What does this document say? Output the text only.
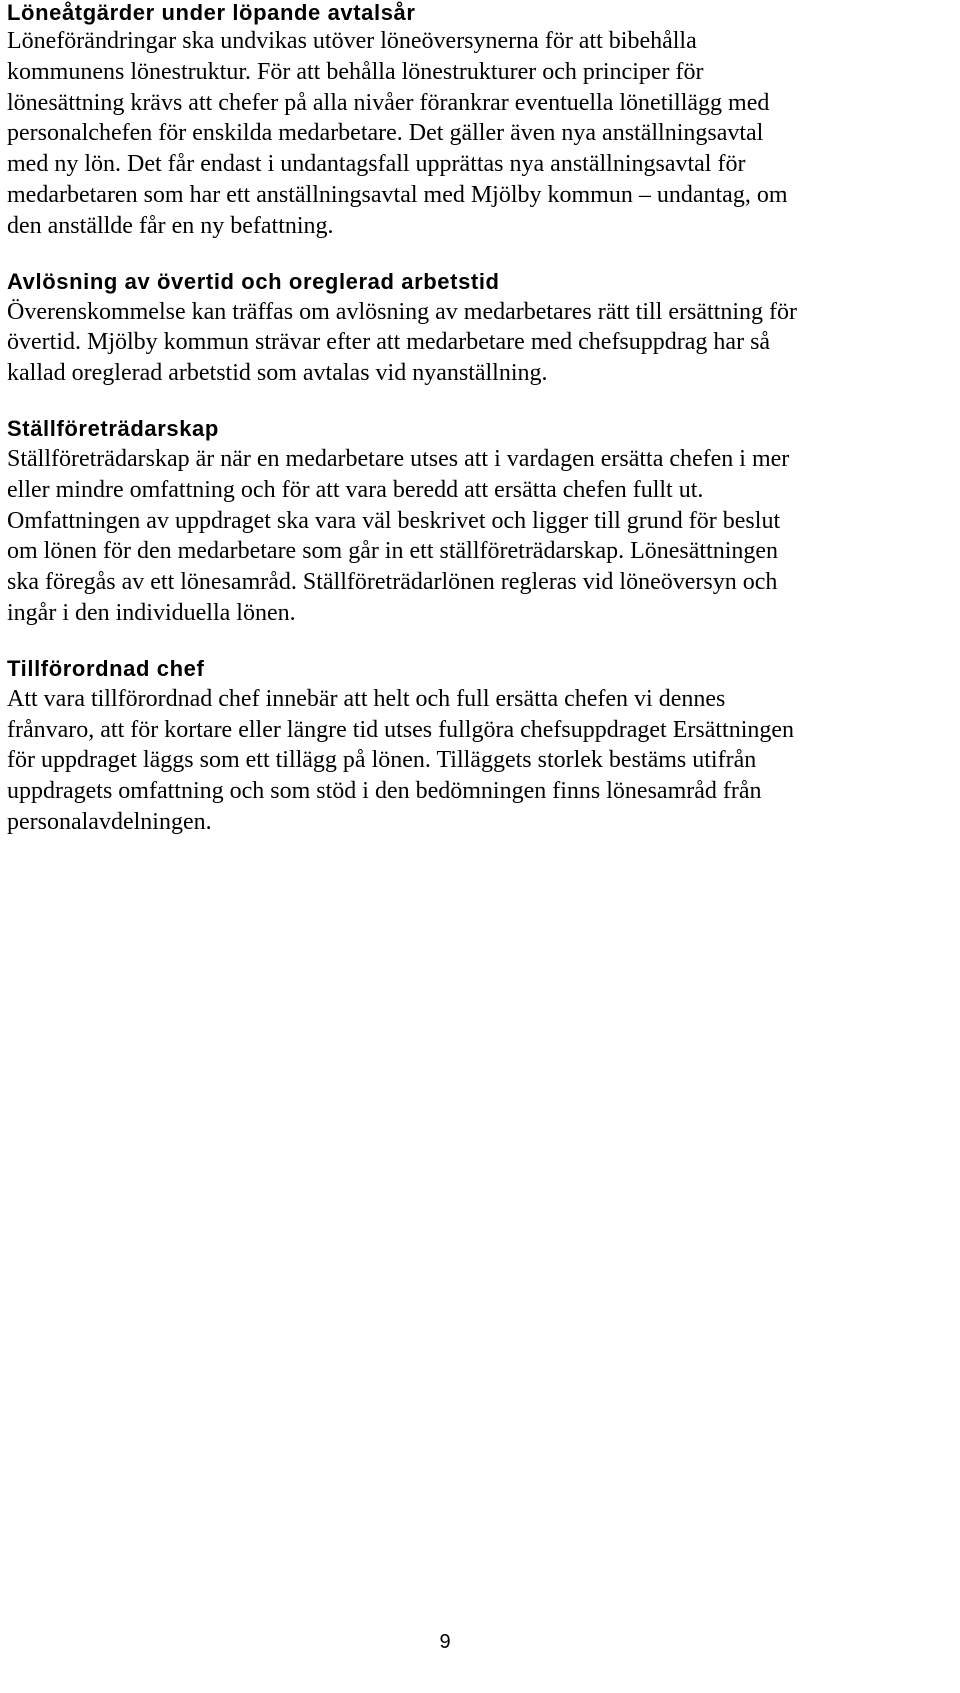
Löneåtgärder under löpande avtalsår

Löneförändringar ska undvikas utöver löneöversynerna för att bibehålla
kommunens lönestruktur. För att behålla lönestrukturer och principer för
lönesättning krävs att chefer på alla nivåer förankrar eventuella lönetillägg med
personalchefen för enskilda medarbetare. Det gäller även nya anställningsavtal
med ny lön. Det får endast i undantagsfall upprättas nya anställningsavtal för
medarbetaren som har ett anställningsavtal med Mjölby kommun – undantag, om
den anställde får en ny befattning.

Avlösning av övertid och oreglerad arbetstid

Överenskommelse kan träffas om avlösning av medarbetares rätt till ersättning för
övertid. Mjölby kommun strävar efter att medarbetare med chefsuppdrag har så
kallad oreglerad arbetstid som avtalas vid nyanställning.

Ställföreträdarskap

Ställföreträdarskap är när en medarbetare utses att i vardagen ersätta chefen i mer
eller mindre omfattning och för att vara beredd att ersätta chefen fullt ut.
Omfattningen av uppdraget ska vara väl beskrivet och ligger till grund för beslut
om lönen för den medarbetare som går in ett ställföreträdarskap. Lönesättningen
ska föregås av ett lönesamråd. Ställföreträdarlönen regleras vid löneöversyn och
ingår i den individuella lönen.

Tillförordnad chef

Att vara tillförordnad chef innebär att helt och full ersätta chefen vi dennes
frånvaro, att för kortare eller längre tid utses fullgöra chefsuppdraget Ersättningen
för uppdraget läggs som ett tillägg på lönen. Tilläggets storlek bestäms utifrån
uppdragets omfattning och som stöd i den bedömningen finns lönesamråd från
personalavdelningen.

9
